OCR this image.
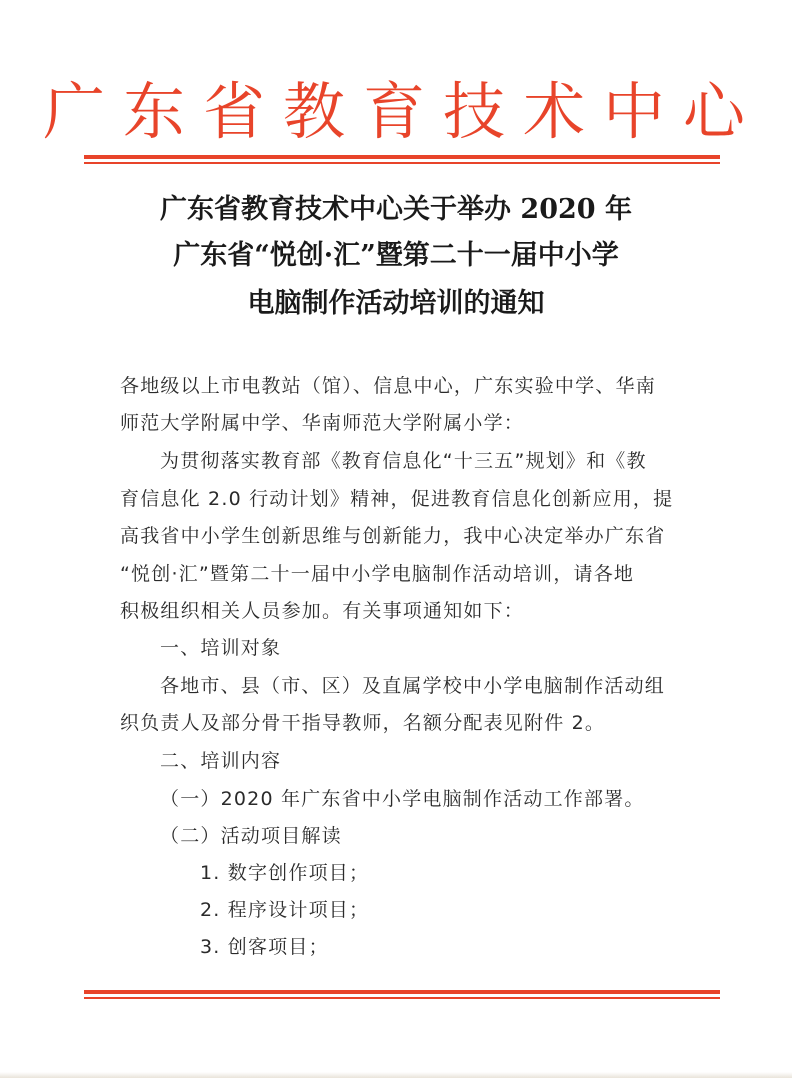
广东省教育技术中心
广东省教育技术中心关于举办 2020 年
广东省“悦创·汇”暨第二十一届中小学
电脑制作活动培训的通知
各地级以上市电教站（馆）、信息中心，广东实验中学、华南
师范大学附属中学、华南师范大学附属小学：
为贯彻落实教育部《教育信息化“十三五”规划》和《教
育信息化 2.0 行动计划》精神，促进教育信息化创新应用，提
高我省中小学生创新思维与创新能力，我中心决定举办广东省
“悦创·汇”暨第二十一届中小学电脑制作活动培训，请各地
积极组织相关人员参加。有关事项通知如下：
一、培训对象
各地市、县（市、区）及直属学校中小学电脑制作活动组
织负责人及部分骨干指导教师，名额分配表见附件 2。
二、培训内容
（一）2020 年广东省中小学电脑制作活动工作部署。
（二）活动项目解读
1. 数字创作项目；
2. 程序设计项目；
3. 创客项目；
